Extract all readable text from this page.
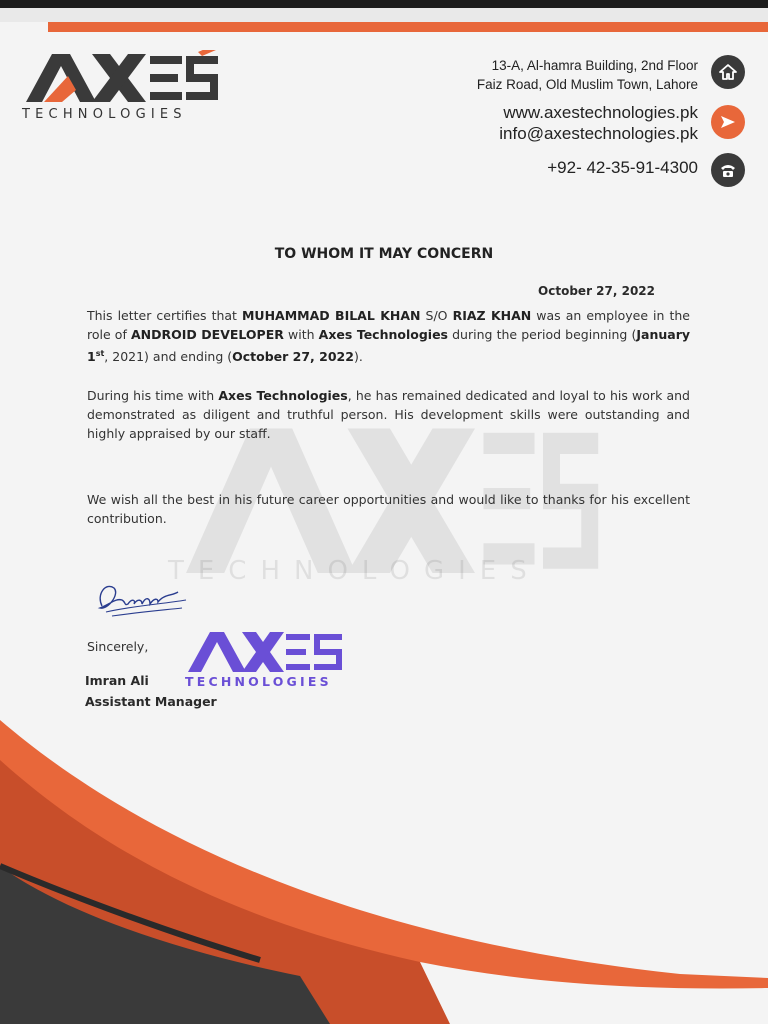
TECHNOLOGIES
13-A, Al-hamra Building, 2nd Floor
Faiz Road, Old Muslim Town, Lahore
www.axestechnologies.pk
info@axestechnologies.pk
+92- 42-35-91-4300
TECHNOLOGIES
TO WHOM IT MAY CONCERN
October 27, 2022
This letter certifies that MUHAMMAD BILAL KHAN S/O RIAZ KHAN was an employee in the role of ANDROID DEVELOPER with Axes Technologies during the period beginning (January 1st, 2021) and ending (October 27, 2022).
During his time with Axes Technologies, he has remained dedicated and loyal to his work and demonstrated as diligent and truthful person. His development skills were outstanding and highly appraised by our staff.
We wish all the best in his future career opportunities and would like to thanks for his excellent contribution.
Sincerely,
TECHNOLOGIES
Imran Ali
Assistant Manager
